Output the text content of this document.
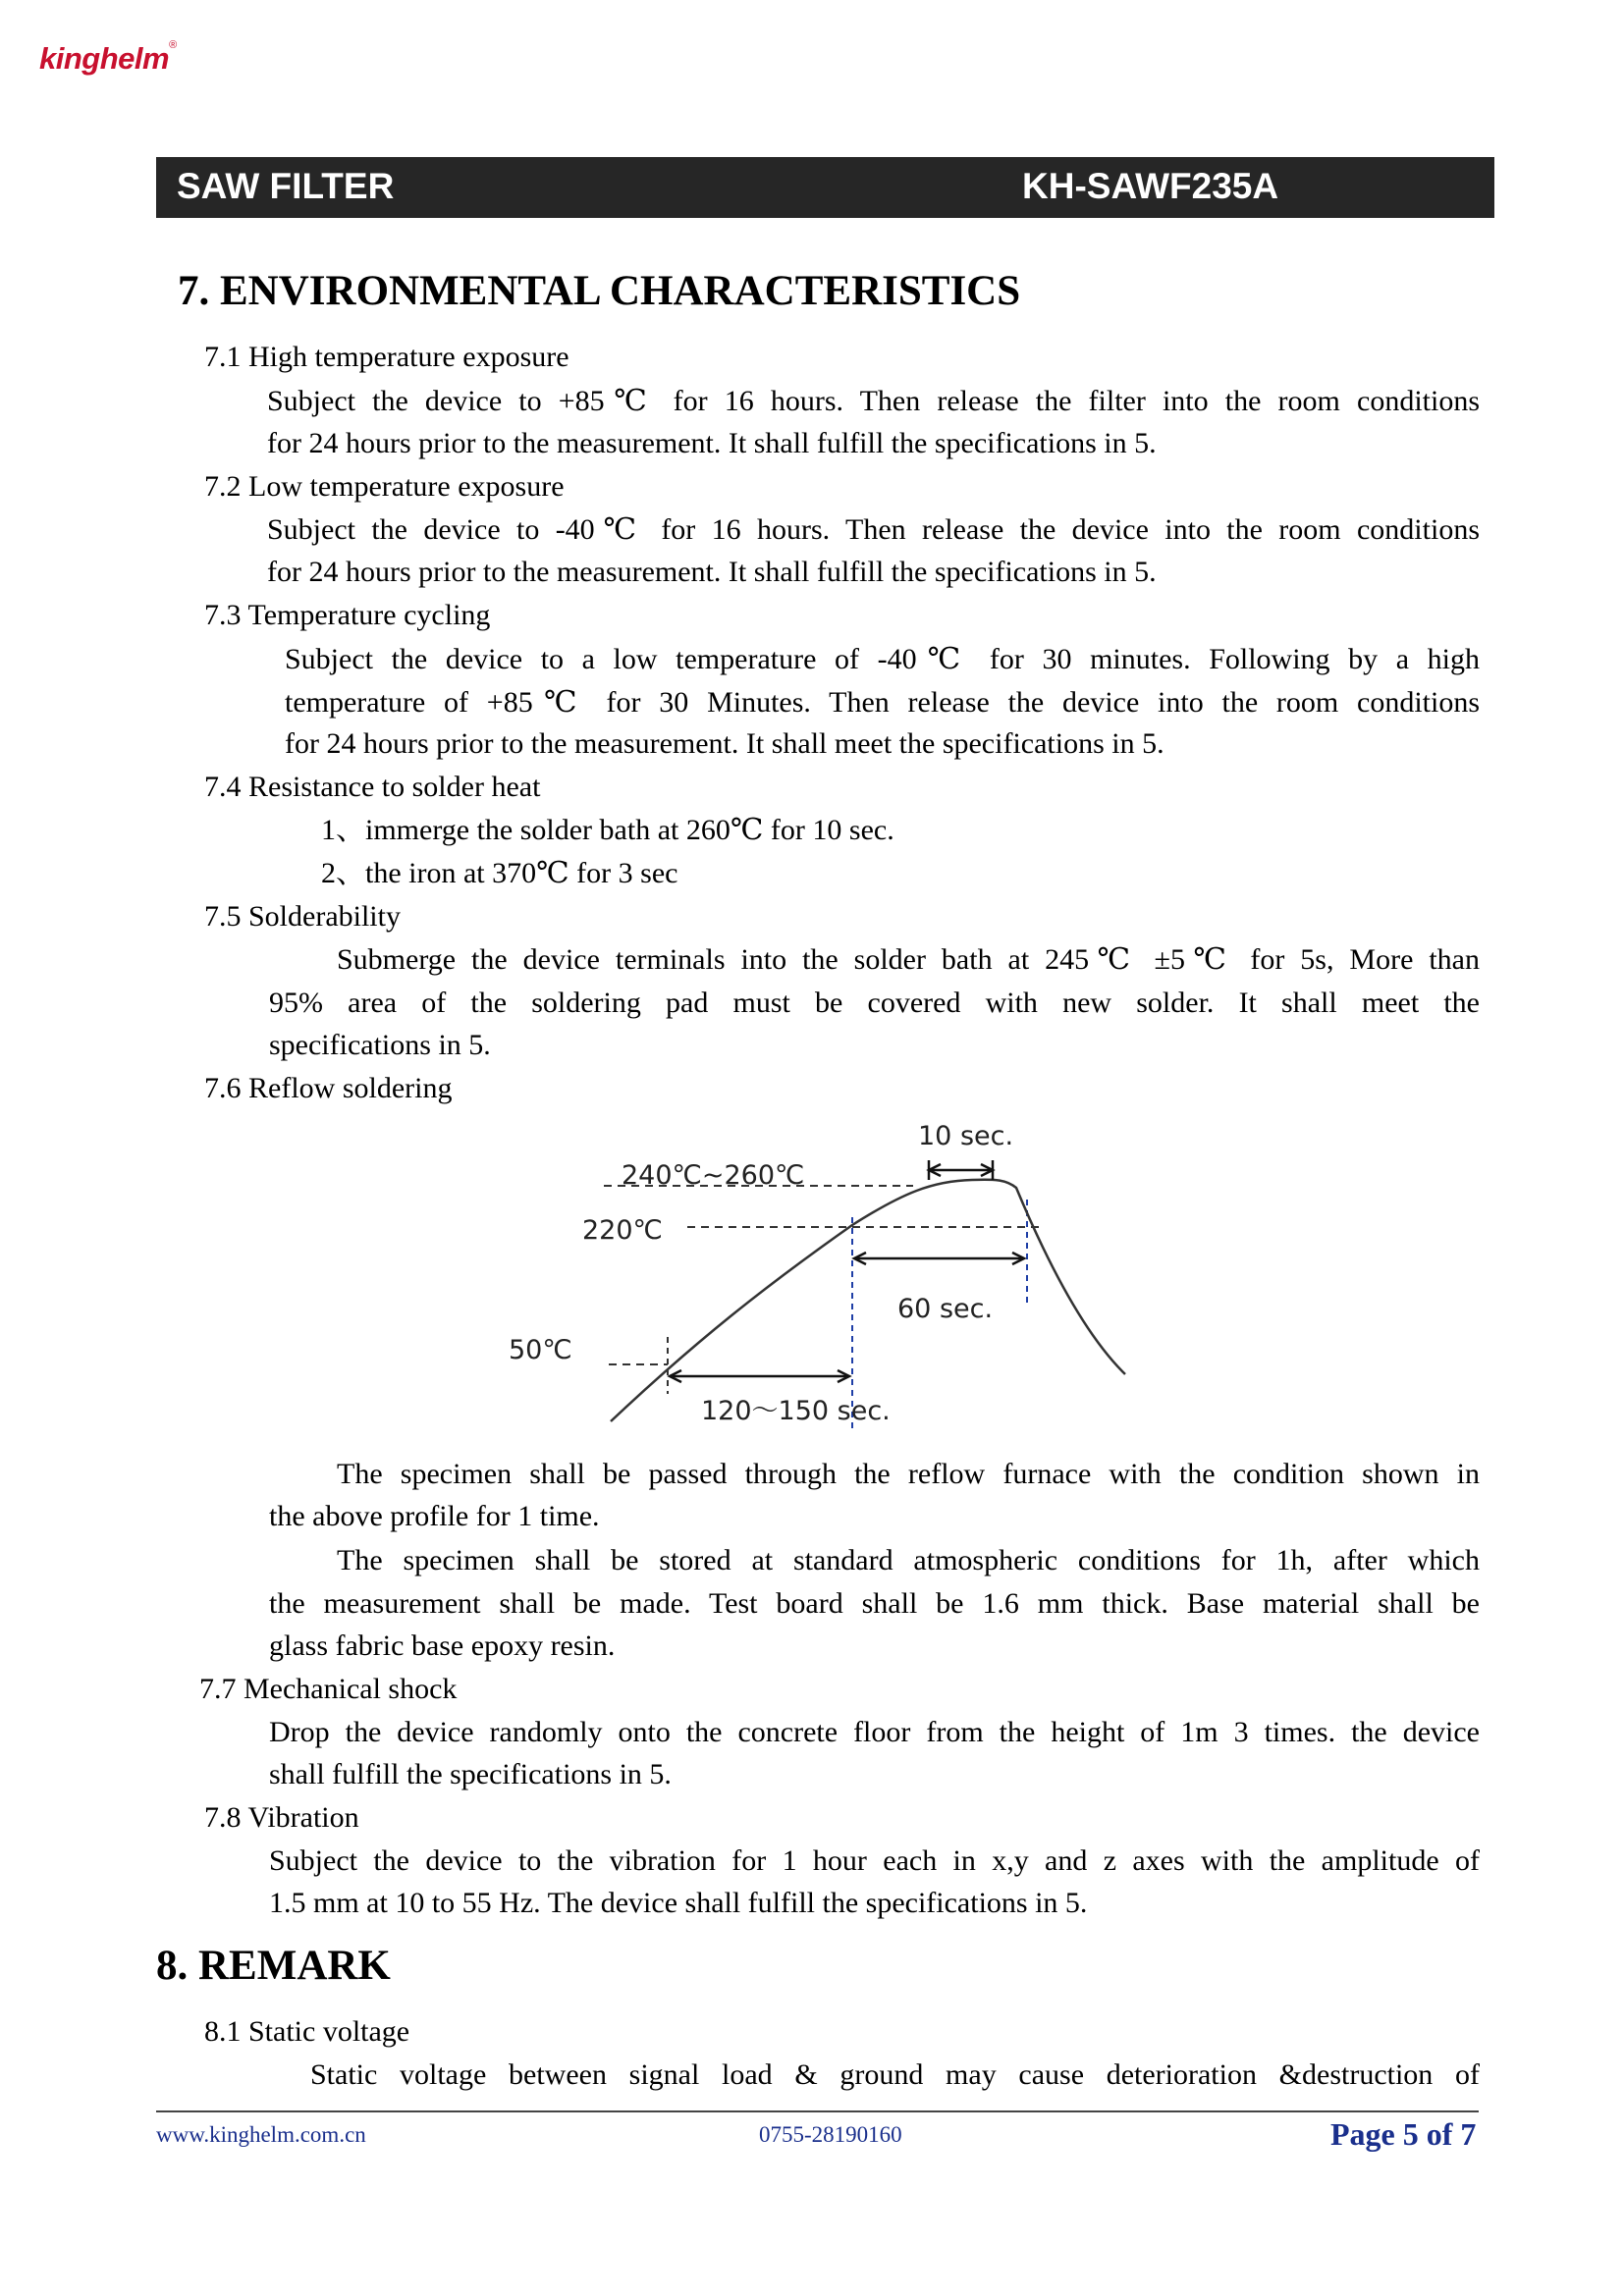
kinghelm®
SAW FILTER	KH-SAWF235A
7. ENVIRONMENTAL CHARACTERISTICS
7.1 High temperature exposure
Subject the device to +85℃ for 16 hours. Then release the filter into the room conditions
for 24 hours prior to the measurement. It shall fulfill the specifications in 5.
7.2 Low temperature exposure
Subject the device to -40℃ for 16 hours. Then release the device into the room conditions
for 24 hours prior to the measurement. It shall fulfill the specifications in 5.
7.3 Temperature cycling
Subject the device to a low temperature of -40℃ for 30 minutes. Following by a high
temperature of +85℃ for 30 Minutes. Then release the device into the room conditions
for 24 hours prior to the measurement. It shall meet the specifications in 5.
7.4 Resistance to solder heat
1、immerge the solder bath at 260℃ for 10 sec.
2、the iron at 370℃ for 3 sec
7.5 Solderability
Submerge the device terminals into the solder bath at 245℃ ±5℃ for 5s, More than
95% area of the soldering pad must be covered with new solder. It shall meet the
specifications in 5.
7.6 Reflow soldering
10 sec.
240℃~260℃
220℃
60 sec.
50℃
120～150 sec.
The specimen shall be passed through the reflow furnace with the condition shown in
the above profile for 1 time.
The specimen shall be stored at standard atmospheric conditions for 1h, after which
the measurement shall be made. Test board shall be 1.6 mm thick. Base material shall be
glass fabric base epoxy resin.
7.7 Mechanical shock
Drop the device randomly onto the concrete floor from the height of 1m 3 times. the device
shall fulfill the specifications in 5.
7.8 Vibration
Subject the device to the vibration for 1 hour each in x,y and z axes with the amplitude of
1.5 mm at 10 to 55 Hz. The device shall fulfill the specifications in 5.
8. REMARK
8.1 Static voltage
Static voltage between signal load & ground may cause deterioration &destruction of
www.kinghelm.com.cn	0755-28190160	Page 5 of 7
